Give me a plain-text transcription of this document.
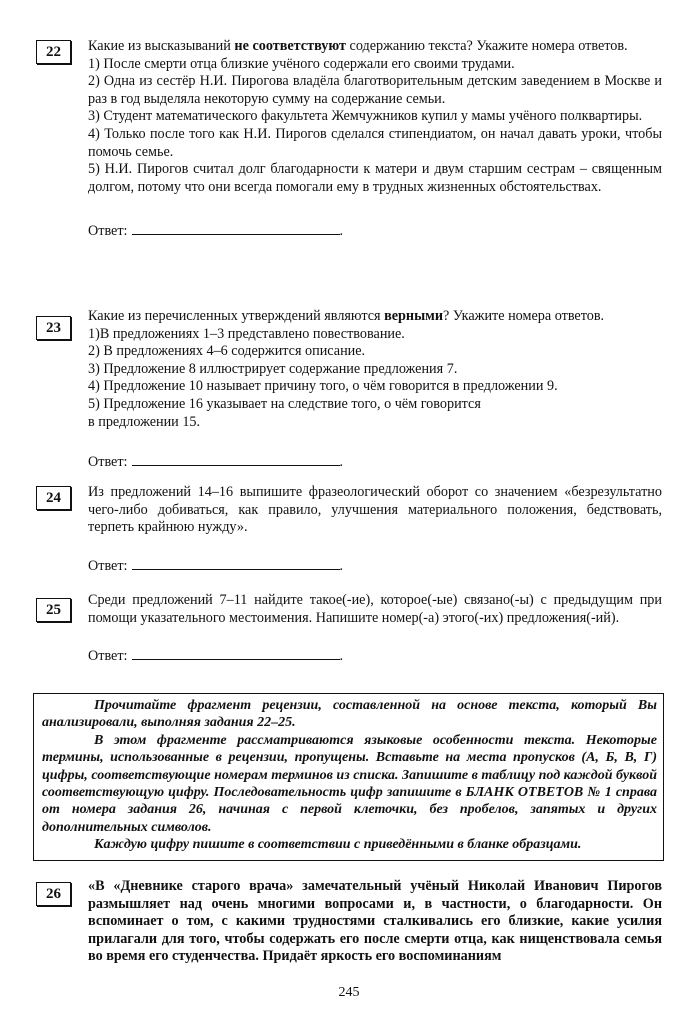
22	Какие из высказываний не соответствуют содержанию текста? Укажите номера ответов.

1) После смерти отца близкие учёного содержали его своими трудами.

2) Одна из сестёр Н.И. Пирогова владёла благотворительным детским заведением в Москве и раз в год выделяла некоторую сумму на содержание семьи.

3) Студент математического факультета Жемчужников купил у мамы учёного полквартиры.

4) Только после того как Н.И. Пирогов сделался стипендиатом, он начал давать уроки, чтобы помочь семье.

5) Н.И. Пирогов считал долг благодарности к матери и двум старшим сестрам – священным долгом, потому что они всегда помогали ему в трудных жизненных обстоятельствах.

Ответ:	.

23

Какие из перечисленных утверждений являются верными? Укажите номера ответов.

1)В предложениях 1–3 представлено повествование.

2) В предложениях 4–6 содержится описание.

3) Предложение 8 иллюстрирует содержание предложения 7.

4) Предложение 10 называет причину того, о чём говорится в предложении 9.

5) Предложение 16 указывает на следствие того, о чём говорится

в предложении 15.

Ответ:	.

24	Из предложений 14–16 выпишите фразеологический оборот со значением «безрезультатно чего-либо добиваться, как правило, улучшения материального положения, бедствовать, терпеть крайнюю нужду».

Ответ:	.

25

Среди предложений 7–11 найдите такое(-ие), которое(-ые) связано(-ы) с предыдущим при помощи указательного местоимения. Напишите номер(-а) этого(-их) предложения(-ий).

Ответ:	.

Прочитайте фрагмент рецензии, составленной на основе текста, который Вы анализировали, выполняя задания 22–25.

В этом фрагменте рассматриваются языковые особенности текста. Некоторые термины, использованные в рецензии, пропущены. Вставьте на места пропусков (А, Б, В, Г) цифры, соответствующие номерам терминов из списка. Запишите в таблицу под каждой буквой соответствующую цифру. Последовательность цифр запишите в БЛАНК ОТВЕТОВ № 1 справа от номера задания 26, начиная с первой клеточки, без пробелов, запятых и других дополнительных символов.

Каждую цифру пишите в соответствии с приведёнными в бланке образцами.

26	«В «Дневнике старого врача» замечательный учёный Николай Иванович Пирогов размышляет над очень многими вопросами и, в частности, о благодарности. Он вспоминает о том, с какими трудностями сталкивались его близкие, какие усилия прилагали для того, чтобы содержать его после смерти отца, как нищенствовала семья во время его студенчества. Придаёт яркость его воспоминаниям

245
